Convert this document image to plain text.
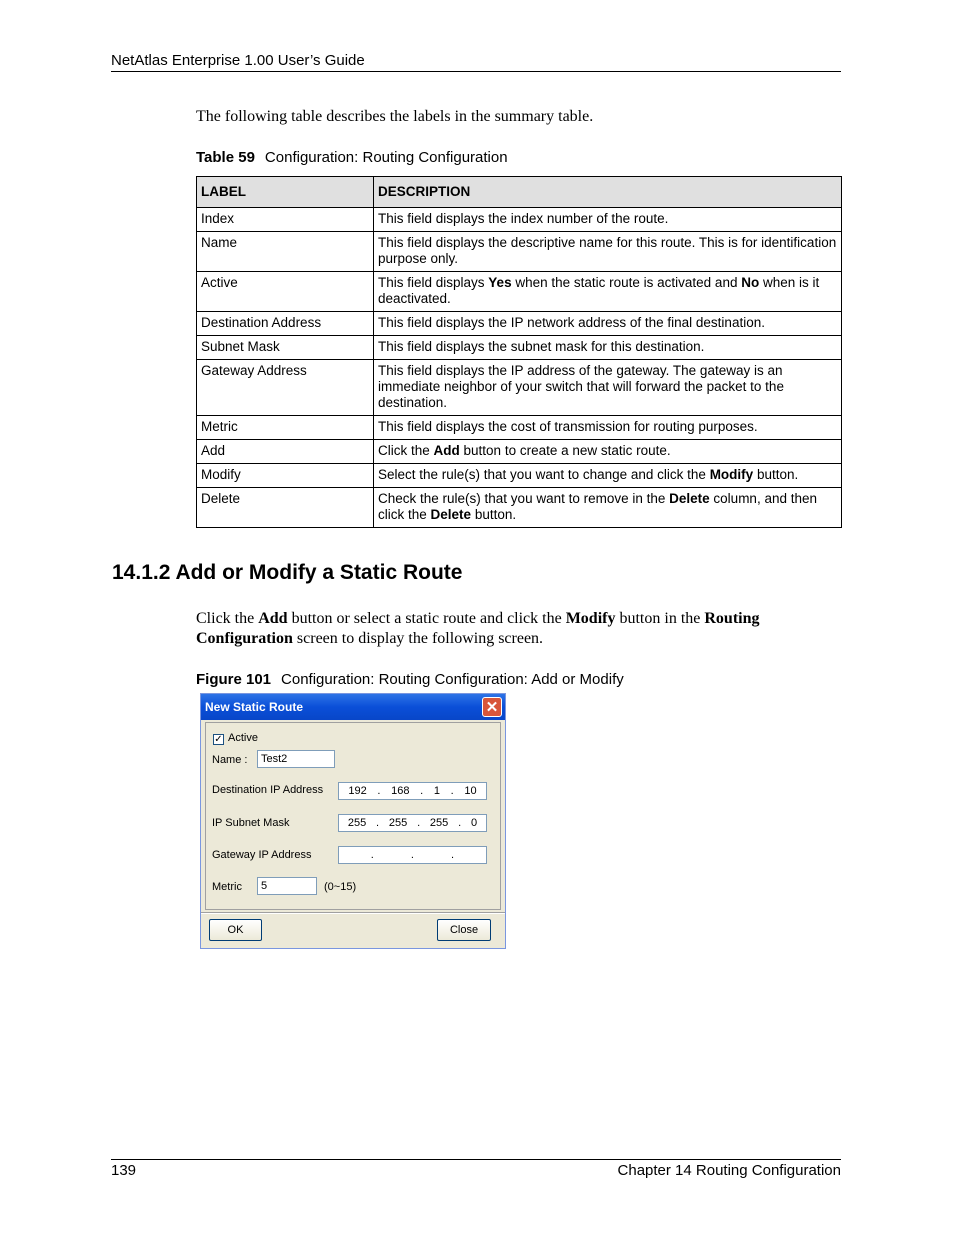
NetAtlas Enterprise 1.00 User’s Guide
The following table describes the labels in the summary table.
Table 59 Configuration: Routing Configuration
LABEL	DESCRIPTION
Index	This field displays the index number of the route.
Name	This field displays the descriptive name for this route. This is for identification purpose only.
Active	This field displays Yes when the static route is activated and No when is it deactivated.
Destination Address	This field displays the IP network address of the final destination.
Subnet Mask	This field displays the subnet mask for this destination.
Gateway Address	This field displays the IP address of the gateway. The gateway is an immediate neighbor of your switch that will forward the packet to the destination.
Metric	This field displays the cost of transmission for routing purposes.
Add	Click the Add button to create a new static route.
Modify	Select the rule(s) that you want to change and click the Modify button.
Delete	Check the rule(s) that you want to remove in the Delete column, and then click the Delete button.
14.1.2 Add or Modify a Static Route
Click the Add button or select a static route and click the Modify button in the Routing Configuration screen to display the following screen.
Figure 101 Configuration: Routing Configuration: Add or Modify
New Static Route	✕
✓ Active
Name :	Test2
Destination IP Address 192 . 168 . 1 . 10
IP Subnet Mask	255 . 255 . 255 . 0
Gateway IP Address	.	.	.
Metric	5	(0~15)
OK	Close
139	Chapter 14 Routing Configuration
